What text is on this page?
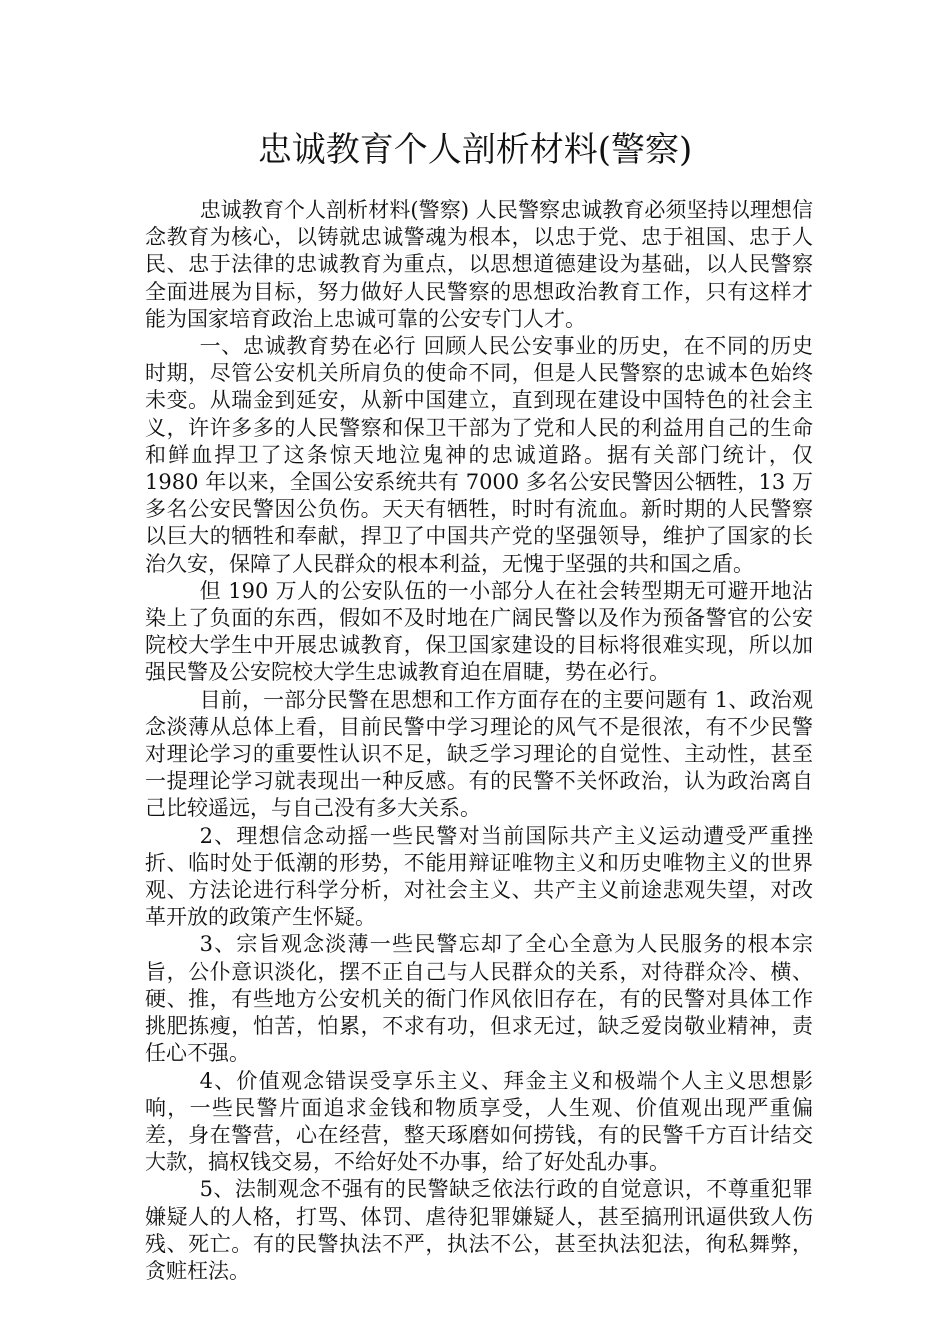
忠诚教育个人剖析材料(警察)

忠诚教育个人剖析材料(警察) 人民警察忠诚教育必须坚持以理想信念教育为核心，以铸就忠诚警魂为根本，以忠于党、忠于祖国、忠于人民、忠于法律的忠诚教育为重点，以思想道德建设为基础，以人民警察全面进展为目标，努力做好人民警察的思想政治教育工作，只有这样才能为国家培育政治上忠诚可靠的公安专门人才。

一、忠诚教育势在必行 回顾人民公安事业的历史，在不同的历史时期，尽管公安机关所肩负的使命不同，但是人民警察的忠诚本色始终未变。从瑞金到延安，从新中国建立，直到现在建设中国特色的社会主义，许许多多的人民警察和保卫干部为了党和人民的利益用自己的生命和鲜血捍卫了这条惊天地泣鬼神的忠诚道路。据有关部门统计，仅 1980 年以来，全国公安系统共有 7000 多名公安民警因公牺牲，13 万多名公安民警因公负伤。天天有牺牲，时时有流血。新时期的人民警察以巨大的牺牲和奉献，捍卫了中国共产党的坚强领导，维护了国家的长治久安，保障了人民群众的根本利益，无愧于坚强的共和国之盾。

但 190 万人的公安队伍的一小部分人在社会转型期无可避开地沾染上了负面的东西，假如不及时地在广阔民警以及作为预备警官的公安院校大学生中开展忠诚教育，保卫国家建设的目标将很难实现，所以加强民警及公安院校大学生忠诚教育迫在眉睫，势在必行。

目前，一部分民警在思想和工作方面存在的主要问题有 1、政治观念淡薄从总体上看，目前民警中学习理论的风气不是很浓，有不少民警对理论学习的重要性认识不足，缺乏学习理论的自觉性、主动性，甚至一提理论学习就表现出一种反感。有的民警不关怀政治，认为政治离自己比较遥远，与自己没有多大关系。

2、理想信念动摇一些民警对当前国际共产主义运动遭受严重挫折、临时处于低潮的形势，不能用辩证唯物主义和历史唯物主义的世界观、方法论进行科学分析，对社会主义、共产主义前途悲观失望，对改革开放的政策产生怀疑。

3、宗旨观念淡薄一些民警忘却了全心全意为人民服务的根本宗旨，公仆意识淡化，摆不正自己与人民群众的关系，对待群众冷、横、硬、推，有些地方公安机关的衙门作风依旧存在，有的民警对具体工作挑肥拣瘦，怕苦，怕累，不求有功，但求无过，缺乏爱岗敬业精神，责任心不强。

4、价值观念错误受享乐主义、拜金主义和极端个人主义思想影响，一些民警片面追求金钱和物质享受，人生观、价值观出现严重偏差，身在警营，心在经营，整天琢磨如何捞钱，有的民警千方百计结交大款，搞权钱交易，不给好处不办事，给了好处乱办事。

5、法制观念不强有的民警缺乏依法行政的自觉意识，不尊重犯罪嫌疑人的人格，打骂、体罚、虐待犯罪嫌疑人，甚至搞刑讯逼供致人伤残、死亡。有的民警执法不严，执法不公，甚至执法犯法，徇私舞弊，贪赃枉法。
